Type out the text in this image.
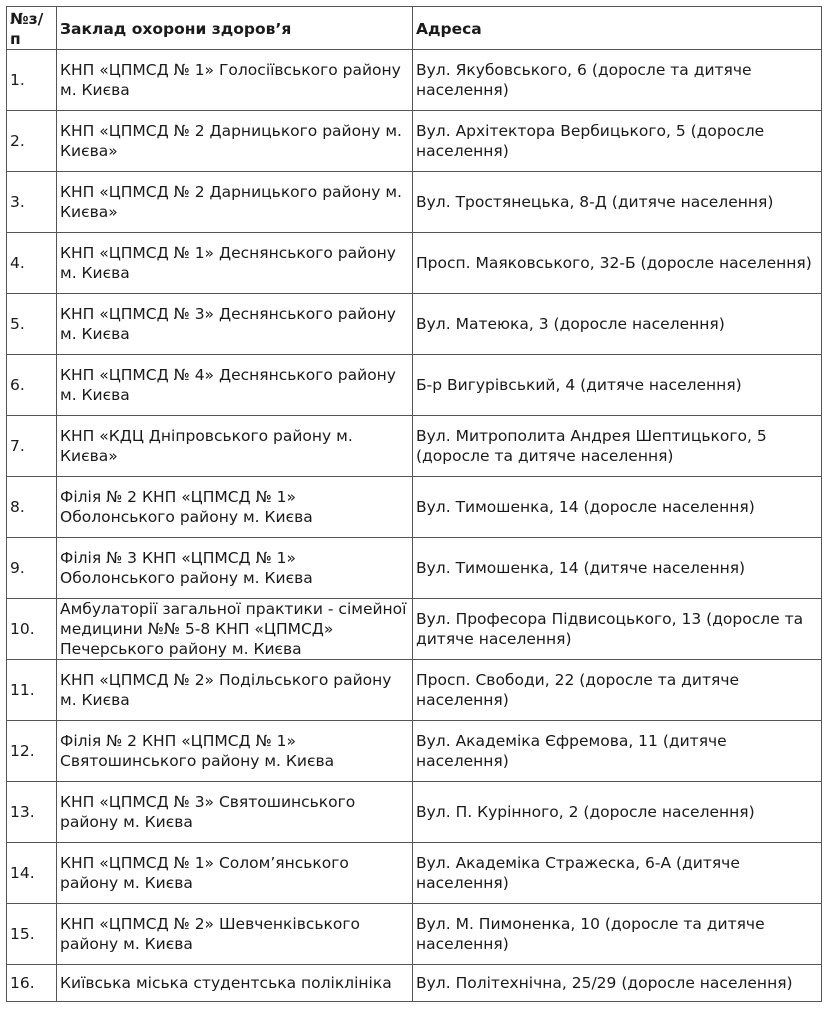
№з/п	Заклад охорони здоров’я	Адреса
1.	КНП «ЦПМСД № 1» Голосіївського району м. Києва	Вул. Якубовського, 6 (доросле та дитяче населення)
2.	КНП «ЦПМСД № 2 Дарницького району м. Києва»	Вул. Архітектора Вербицького, 5 (доросле населення)
3.	КНП «ЦПМСД № 2 Дарницького району м. Києва»	Вул. Тростянецька, 8-Д (дитяче населення)
4.	КНП «ЦПМСД № 1» Деснянського району м. Києва	Просп. Маяковського, 32-Б (доросле населення)
5.	КНП «ЦПМСД № 3» Деснянського району м. Києва	Вул. Матеюка, 3 (доросле населення)
6.	КНП «ЦПМСД № 4» Деснянського району м. Києва	Б-р Вигурівський, 4 (дитяче населення)
7.	КНП «КДЦ Дніпровського району м. Києва»	Вул. Митрополита Андрея Шептицького, 5 (доросле та дитяче населення)
8.	Філія № 2 КНП «ЦПМСД № 1» Оболонського району м. Києва	Вул. Тимошенка, 14 (доросле населення)
9.	Філія № 3 КНП «ЦПМСД № 1» Оболонського району м. Києва	Вул. Тимошенка, 14 (дитяче населення)
10.	Амбулаторії загальної практики - сімейної медицини №№ 5-8 КНП «ЦПМСД» Печерського району м. Києва	Вул. Професора Підвисоцького, 13 (доросле та дитяче населення)
11.	КНП «ЦПМСД № 2» Подільського району м. Києва	Просп. Свободи, 22 (доросле та дитяче населення)
12.	Філія № 2 КНП «ЦПМСД № 1» Святошинського району м. Києва	Вул. Академіка Єфремова, 11 (дитяче населення)
13.	КНП «ЦПМСД № 3» Святошинського району м. Києва	Вул. П. Курінного, 2 (доросле населення)
14.	КНП «ЦПМСД № 1» Солом’янського району м. Києва	Вул. Академіка Стражеска, 6-А (дитяче населення)
15.	КНП «ЦПМСД № 2» Шевченківського району м. Києва	Вул. М. Пимоненка, 10 (доросле та дитяче населення)
16.	Київська міська студентська поліклініка	Вул. Політехнічна, 25/29 (доросле населення)
